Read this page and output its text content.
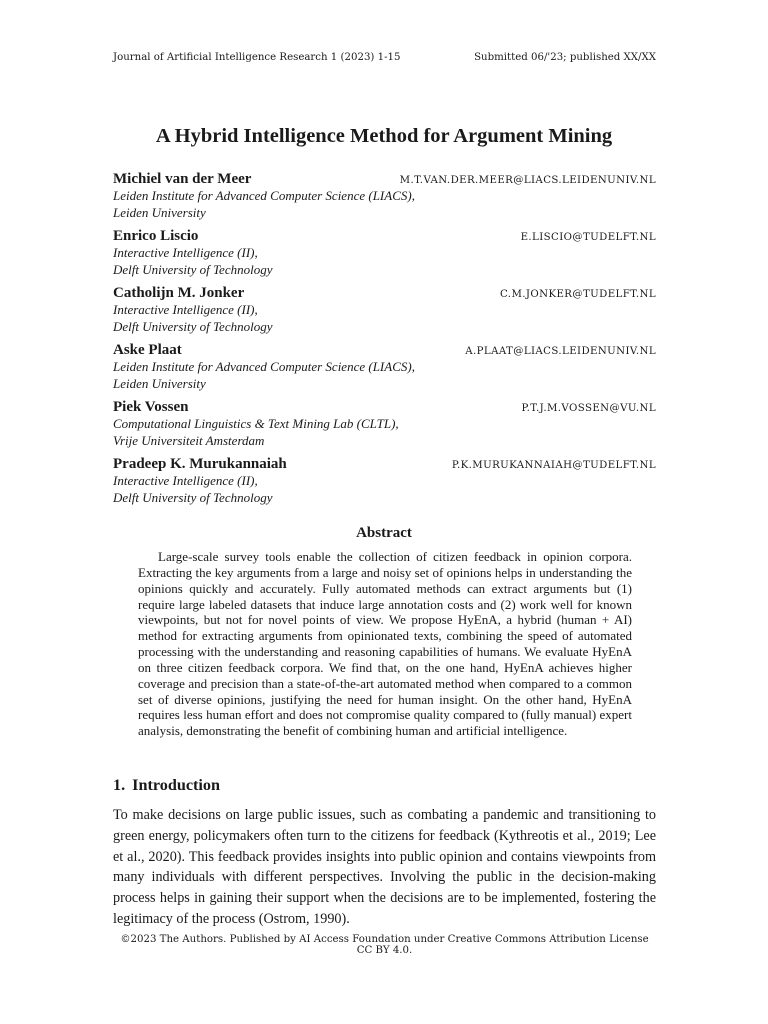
Journal of Artificial Intelligence Research 1 (2023) 1-15	Submitted 06/'23; published XX/XX
A Hybrid Intelligence Method for Argument Mining
Michiel van der Meer	M.T.VAN.DER.MEER@LIACS.LEIDENUNIV.NL
Leiden Institute for Advanced Computer Science (LIACS),
Leiden University
Enrico Liscio	E.LISCIO@TUDELFT.NL
Interactive Intelligence (II),
Delft University of Technology
Catholijn M. Jonker	C.M.JONKER@TUDELFT.NL
Interactive Intelligence (II),
Delft University of Technology
Aske Plaat	A.PLAAT@LIACS.LEIDENUNIV.NL
Leiden Institute for Advanced Computer Science (LIACS),
Leiden University
Piek Vossen	P.T.J.M.VOSSEN@VU.NL
Computational Linguistics & Text Mining Lab (CLTL),
Vrije Universiteit Amsterdam
Pradeep K. Murukannaiah	P.K.MURUKANNAIAH@TUDELFT.NL
Interactive Intelligence (II),
Delft University of Technology
Abstract
Large-scale survey tools enable the collection of citizen feedback in opinion corpora. Extracting the key arguments from a large and noisy set of opinions helps in understanding the opinions quickly and accurately. Fully automated methods can extract arguments but (1) require large labeled datasets that induce large annotation costs and (2) work well for known viewpoints, but not for novel points of view. We propose HyEnA, a hybrid (human + AI) method for extracting arguments from opinionated texts, combining the speed of automated processing with the understanding and reasoning capabilities of humans. We evaluate HyEnA on three citizen feedback corpora. We find that, on the one hand, HyEnA achieves higher coverage and precision than a state-of-the-art automated method when compared to a common set of diverse opinions, justifying the need for human insight. On the other hand, HyEnA requires less human effort and does not compromise quality compared to (fully manual) expert analysis, demonstrating the benefit of combining human and artificial intelligence.
1. Introduction
To make decisions on large public issues, such as combating a pandemic and transitioning to green energy, policymakers often turn to the citizens for feedback (Kythreotis et al., 2019; Lee et al., 2020). This feedback provides insights into public opinion and contains viewpoints from many individuals with different perspectives. Involving the public in the decision-making process helps in gaining their support when the decisions are to be implemented, fostering the legitimacy of the process (Ostrom, 1990).
©2023 The Authors. Published by AI Access Foundation under Creative Commons Attribution License CC BY 4.0.
